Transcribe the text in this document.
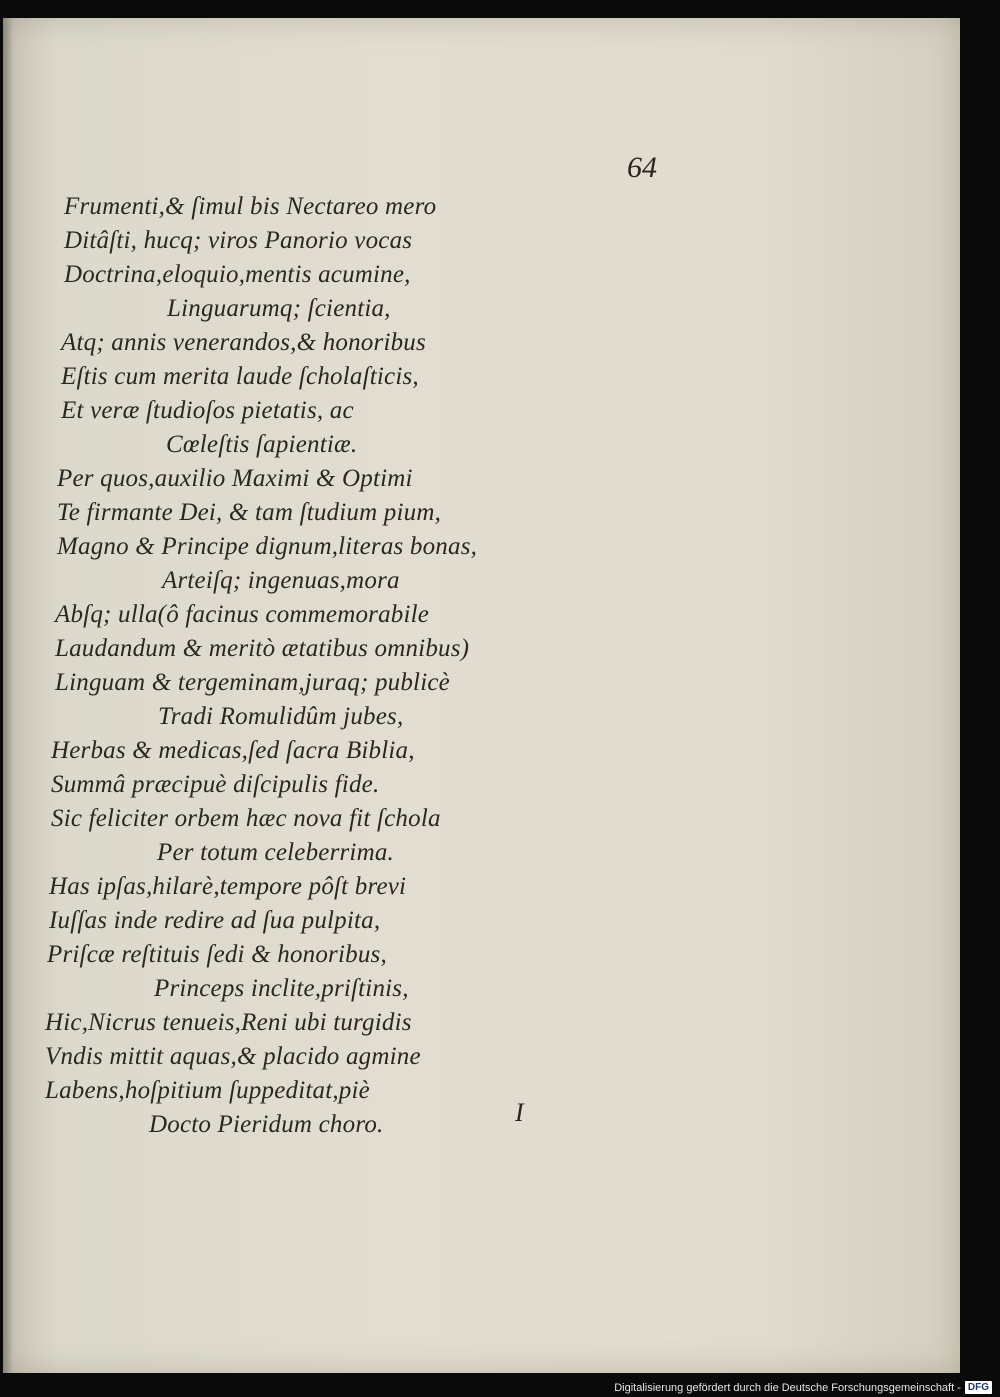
64
Frumenti,& ſimul bis Nectareo mero
Ditâſti, hucq; viros Panorio vocas
Doctrina,eloquio,mentis acumine,
Linguarumq; ſcientia,
Atq; annis venerandos,& honoribus
Eſtis cum merita laude ſcholaſticis,
Et veræ ſtudioſos pietatis, ac
Cœleſtis ſapientiæ.
Per quos,auxilio Maximi & Optimi
Te firmante Dei, & tam ſtudium pium,
Magno & Principe dignum,literas bonas,
Arteiſq; ingenuas,mora
Abſq; ulla(ô facinus commemorabile
Laudandum & meritò ætatibus omnibus)
Linguam & tergeminam,juraq; publicè
Tradi Romulidûm jubes,
Herbas & medicas,ſed ſacra Biblia,
Summâ præcipuè diſcipulis fide.
Sic feliciter orbem hæc nova fit ſchola
Per totum celeberrima.
Has ipſas,hilarè,tempore pôſt brevi
Iuſſas inde redire ad ſua pulpita,
Priſcæ reſtituis ſedi & honoribus,
Princeps inclite,priſtinis,
Hic,Nicrus tenueis,Reni ubi turgidis
Vndis mittit aquas,& placido agmine
Labens,hoſpitium ſuppeditat,piè
Docto Pieridum choro.	I
Digitalisierung gefördert durch die Deutsche Forschungsgemeinschaft - DFG
